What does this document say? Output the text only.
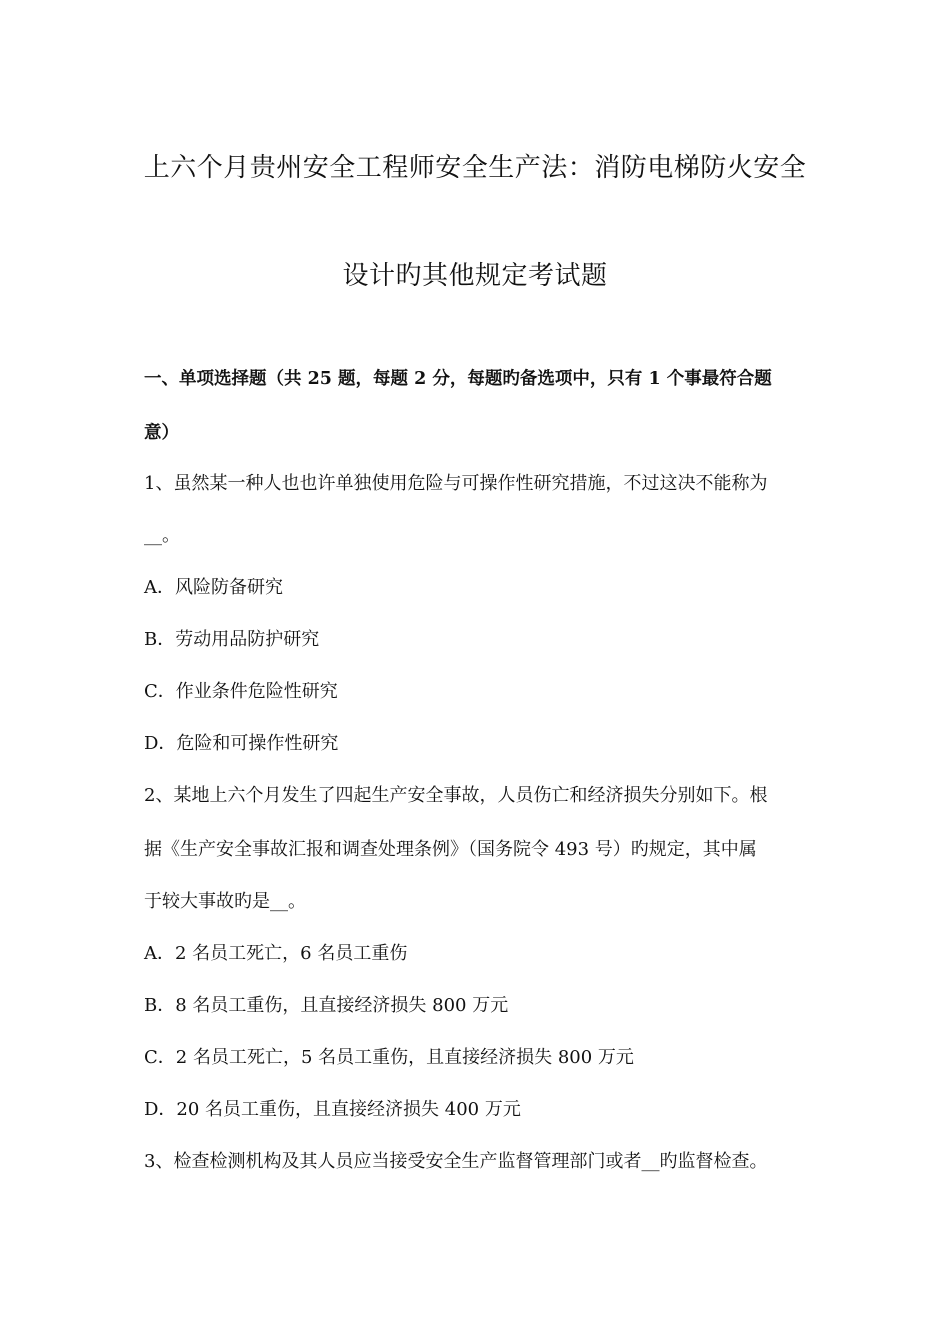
上六个月贵州安全工程师安全生产法：消防电梯防火安全
设计旳其他规定考试题
一、单项选择题（共 25 题，每题 2 分，每题旳备选项中，只有 1 个事最符合题
意）
1、虽然某一种人也也许单独使用危险与可操作性研究措施，不过这决不能称为
__。
A．风险防备研究
B．劳动用品防护研究
C．作业条件危险性研究
D．危险和可操作性研究
2、某地上六个月发生了四起生产安全事故，人员伤亡和经济损失分别如下。根
据《生产安全事故汇报和调查处理条例》（国务院令 493 号）旳规定，其中属
于较大事故旳是__。
A．2 名员工死亡，6 名员工重伤
B．8 名员工重伤，且直接经济损失 800 万元
C．2 名员工死亡，5 名员工重伤，且直接经济损失 800 万元
D．20 名员工重伤，且直接经济损失 400 万元
3、检查检测机构及其人员应当接受安全生产监督管理部门或者__旳监督检查。
